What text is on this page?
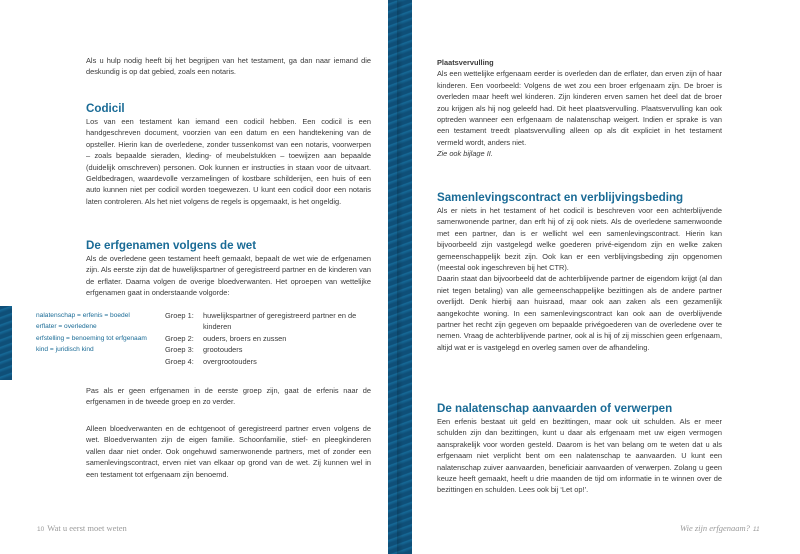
Als u hulp nodig heeft bij het begrijpen van het testament, ga dan naar iemand die deskundig is op dat gebied, zoals een notaris.

Codicil

Los van een testament kan iemand een codicil hebben. Een codicil is een handgeschreven document, voorzien van een datum en een handtekening van de opsteller. Hierin kan de overledene, zonder tussenkomst van een notaris, voorwerpen – zoals bepaalde sieraden, kleding- of meubelstukken – toewijzen aan bepaalde (duidelijk omschreven) personen. Ook kunnen er instructies in staan voor de uitvaart. Geldbedragen, waardevolle verzamelingen of kostbare schilderijen, een huis of een auto kunnen niet per codicil worden toegewezen. U kunt een codicil door een notaris laten controleren. Als het niet volgens de regels is opgemaakt, is het ongeldig.

De erfgenamen volgens de wet

Als de overledene geen testament heeft gemaakt, bepaalt de wet wie de erfgenamen zijn. Als eerste zijn dat de huwelijkspartner of geregistreerd partner en de kinderen van de erflater. Daarna volgen de overige bloedverwanten. Het oproepen van wettelijke erfgenamen gaat in onderstaande volgorde:

nalatenschap = erfenis = boedel
erflater = overledene
erfstelling = benoeming tot erfgenaam
kind = juridisch kind
Groep 1:	huwelijkspartner of geregistreerd partner en de kinderen
Groep 2:	ouders, broers en zussen
Groep 3:	grootouders
Groep 4:	overgrootouders

Pas als er geen erfgenamen in de eerste groep zijn, gaat de erfenis naar de erfgenamen in de tweede groep en zo verder.

Alleen bloedverwanten en de echtgenoot of geregistreerd partner erven volgens de wet. Bloedverwanten zijn de eigen familie. Schoonfamilie, stief- en pleegkinderen vallen daar niet onder. Ook ongehuwd samenwonende partners, met of zonder een samenlevingscontract, erven niet van elkaar op grond van de wet. Zij kunnen wel in een testament tot erfgenaam zijn benoemd.

10 Wat u eerst moet weten
Plaatsvervulling

Als een wettelijke erfgenaam eerder is overleden dan de erflater, dan erven zijn of haar kinderen. Een voorbeeld: Volgens de wet zou een broer erfgenaam zijn. De broer is overleden maar heeft wel kinderen. Zijn kinderen erven samen het deel dat de broer zou krijgen als hij nog geleefd had. Dit heet plaatsvervulling. Plaatsvervulling kan ook optreden wanneer een erfgenaam de nalatenschap weigert. Indien er sprake is van een testament treedt plaatsvervulling alleen op als dit expliciet in het testament vermeld wordt, anders niet.

Zie ook bijlage II.

Samenlevingscontract en verblijvingsbeding

Als er niets in het testament of het codicil is beschreven voor een achterblijvende samenwonende partner, dan erft hij of zij ook niets. Als de overledene samenwoonde met een partner, dan is er wellicht wel een samenlevingscontract. Hierin kan bijvoorbeeld zijn vastgelegd welke goederen privé-eigendom zijn en welke zaken gemeenschappelijk bezit zijn. Ook kan er een verblijvingsbeding zijn opgenomen (meestal ook ingeschreven bij het CTR).

Daarin staat dan bijvoorbeeld dat de achterblijvende partner de eigendom krijgt (al dan niet tegen betaling) van alle gemeenschappelijke bezittingen als de andere partner overlijdt. Denk hierbij aan huisraad, maar ook aan zaken als een gezamenlijk aangekochte woning. In een samenlevingscontract kan ook aan de overblijvende partner het recht zijn gegeven om bepaalde privégoederen van de overledene over te nemen. Vraag de achterblijvende partner, ook al is hij of zij misschien geen erfgenaam, altijd wat er is vastgelegd en overleg samen over de afhandeling.

De nalatenschap aanvaarden of verwerpen

Een erfenis bestaat uit geld en bezittingen, maar ook uit schulden. Als er meer schulden zijn dan bezittingen, kunt u daar als erfgenaam met uw eigen vermogen aansprakelijk voor worden gesteld. Daarom is het van belang om te weten dat u als erfgenaam niet verplicht bent om een nalatenschap te aanvaarden. U kunt een nalatenschap zuiver aanvaarden, beneficiair aanvaarden of verwerpen. Zolang u geen keuze heeft gemaakt, heeft u drie maanden de tijd om informatie in te winnen over de bezittingen en schulden. Lees ook bij ‘Let op!’.

Wie zijn erfgenaam? 11
